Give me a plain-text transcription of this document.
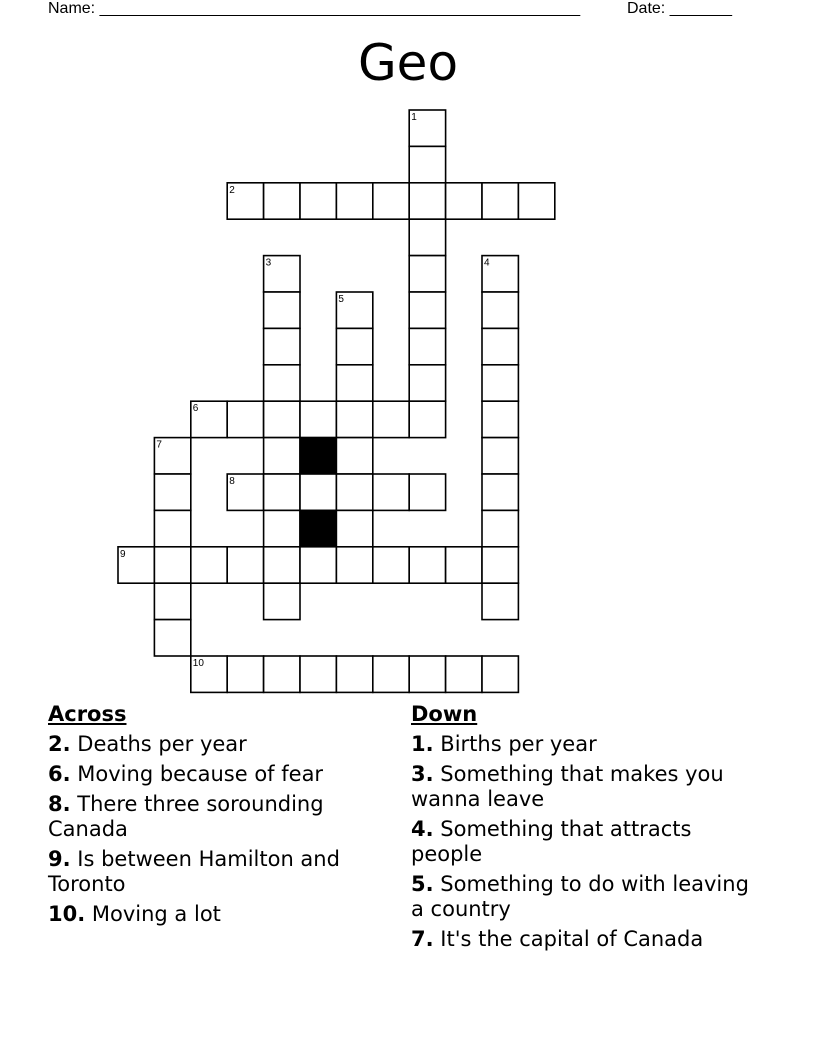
Name: ______________________________________________________	Date: _______
Geo
1
2
3	4
5
6
7
8
9
10
Across
2. Deaths per year
6. Moving because of fear
8. There three sorounding Canada
9. Is between Hamilton and Toronto
10. Moving a lot
Down
1. Births per year
3. Something that makes you wanna leave
4. Something that attracts people
5. Something to do with leaving a country
7. It's the capital of Canada
